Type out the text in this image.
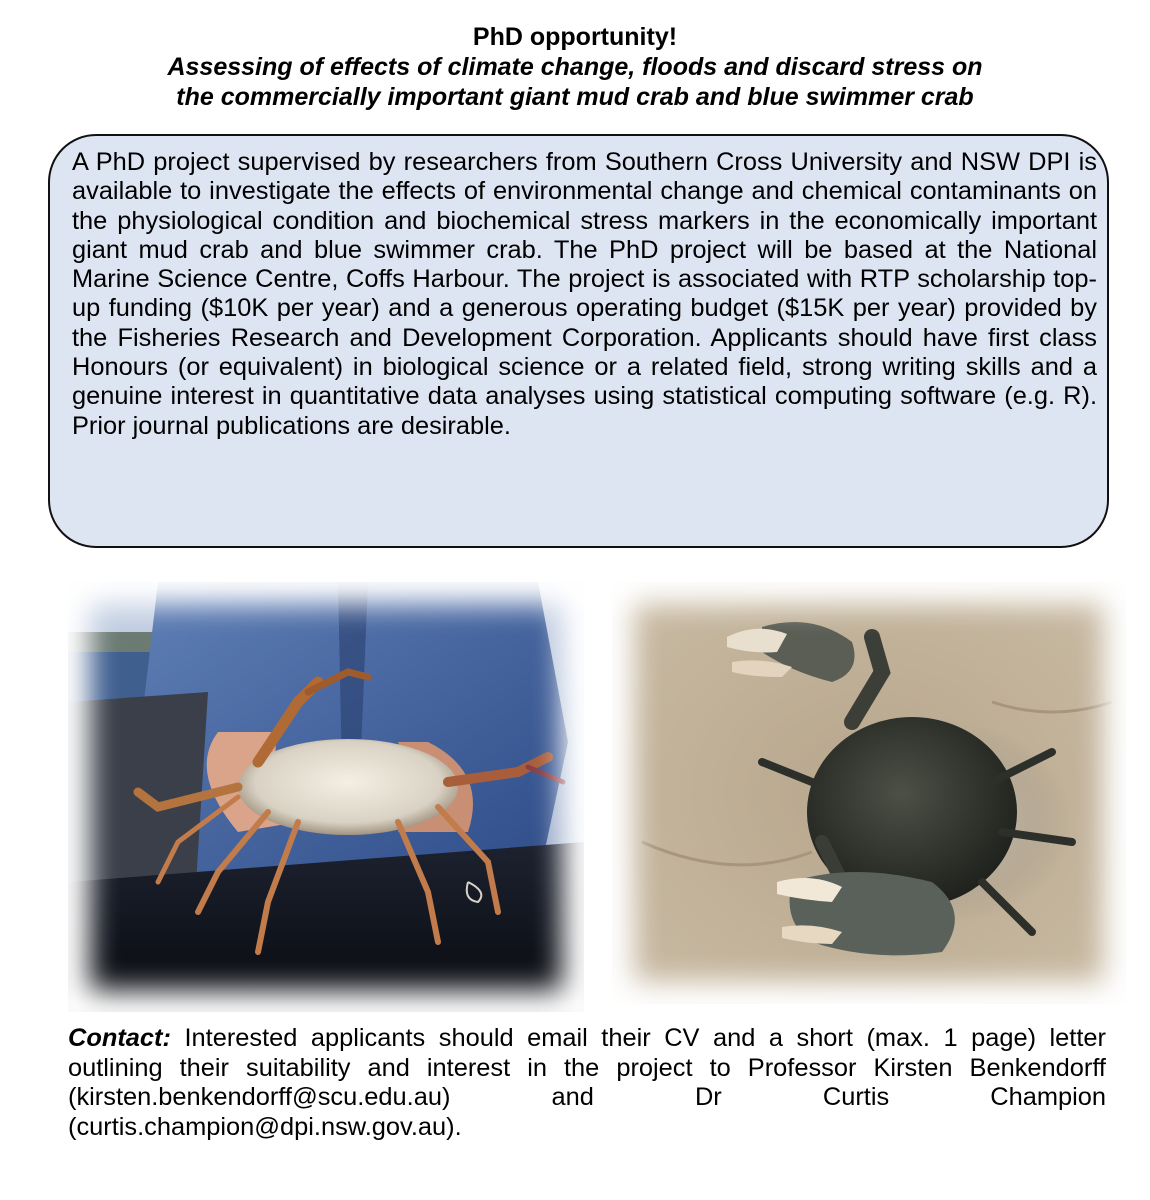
PhD opportunity!
Assessing of effects of climate change, floods and discard stress on
the commercially important giant mud crab and blue swimmer crab
A PhD project supervised by researchers from Southern Cross University and NSW DPI is available to investigate the effects of environmental change and chemical contaminants on the physiological condition and biochemical stress markers in the economically important giant mud crab and blue swimmer crab. The PhD project will be based at the National Marine Science Centre, Coffs Harbour. The project is associated with RTP scholarship top-up funding ($10K per year) and a generous operating budget ($15K per year) provided by the Fisheries Research and Development Corporation. Applicants should have first class Honours (or equivalent) in biological science or a related field, strong writing skills and a genuine interest in quantitative data analyses using statistical computing software (e.g. R). Prior journal publications are desirable.
Contact: Interested applicants should email their CV and a short (max. 1 page) letter outlining their suitability and interest in the project to Professor Kirsten Benkendorff (kirsten.benkendorff@scu.edu.au) and Dr Curtis Champion (curtis.champion@dpi.nsw.gov.au).
